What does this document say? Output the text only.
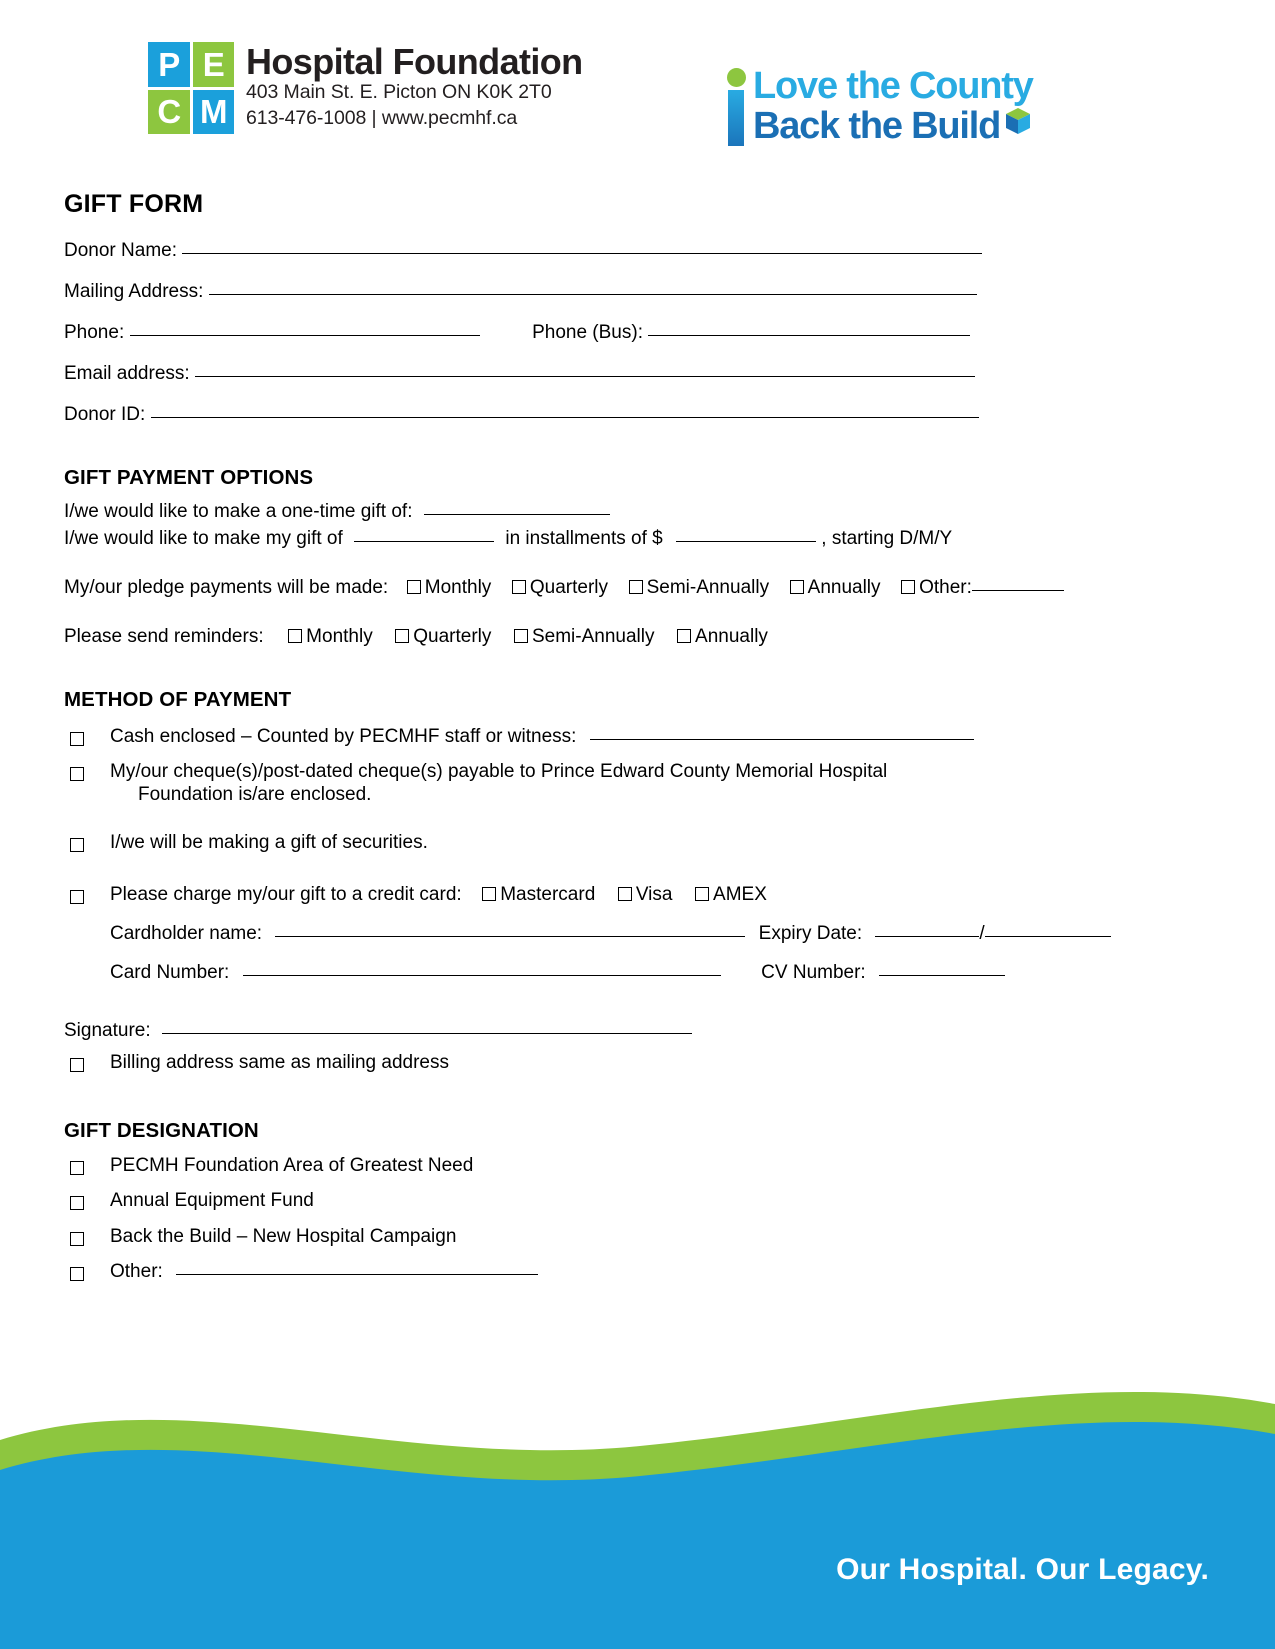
P E
C M
Hospital Foundation
403 Main St. E. Picton ON K0K 2T0
613-476-1008 | www.pecmhf.ca
Love the County
Back the Build
GIFT FORM
Donor Name:
Mailing Address:
Phone:	Phone (Bus):
Email address:
Donor ID:
GIFT PAYMENT OPTIONS
I/we would like to make a one-time gift of:
I/we would like to make my gift of	in installments of $	, starting D/M/Y
My/our pledge payments will be made: Monthly Quarterly Semi-Annually Annually Other:
Please send reminders: Monthly Quarterly Semi-Annually Annually
METHOD OF PAYMENT
Cash enclosed – Counted by PECMHF staff or witness:
My/our cheque(s)/post-dated cheque(s) payable to Prince Edward County Memorial Hospital
Foundation is/are enclosed.
I/we will be making a gift of securities.
Please charge my/our gift to a credit card: Mastercard Visa AMEX
Cardholder name:	Expiry Date:	/
Card Number:	CV Number:
Signature:
Billing address same as mailing address
GIFT DESIGNATION
PECMH Foundation Area of Greatest Need
Annual Equipment Fund
Back the Build – New Hospital Campaign
Other:
Our Hospital. Our Legacy.
